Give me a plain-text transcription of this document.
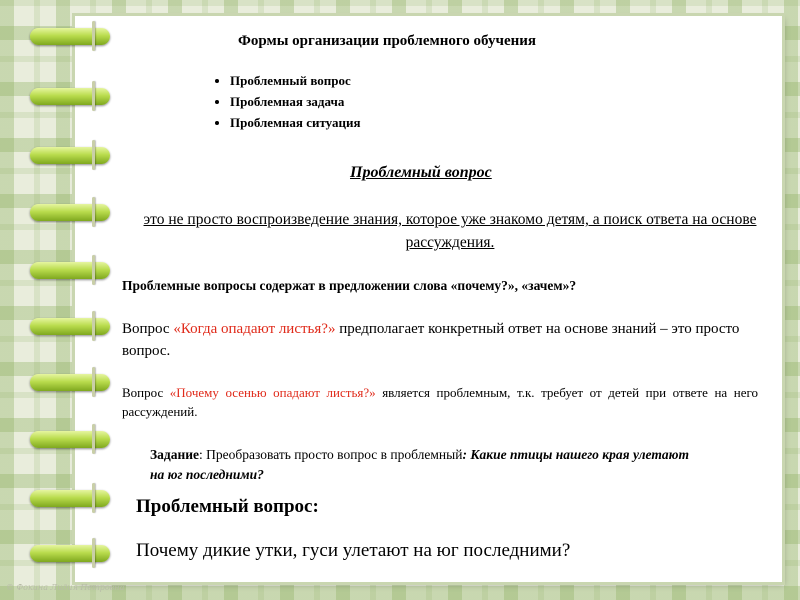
Формы организации проблемного обучения
• Проблемный вопрос
• Проблемная задача
• Проблемная ситуация
Проблемный вопрос
это не просто воспроизведение знания, которое уже знакомо детям, а поиск ответа на основе рассуждения.
Проблемные вопросы содержат в предложении слова «почему?», «зачем»?
Вопрос «Когда опадают листья?» предполагает конкретный ответ на основе знаний – это просто вопрос.
Вопрос «Почему осенью опадают листья?» является проблемным, т.к. требует от детей при ответе на него рассуждений.
Задание: Преобразовать просто вопрос в проблемный: Какие птицы нашего края улетают на юг последними?
Проблемный вопрос:
Почему дикие утки, гуси улетают на юг последними?
© Фокина Лидия Петровна
